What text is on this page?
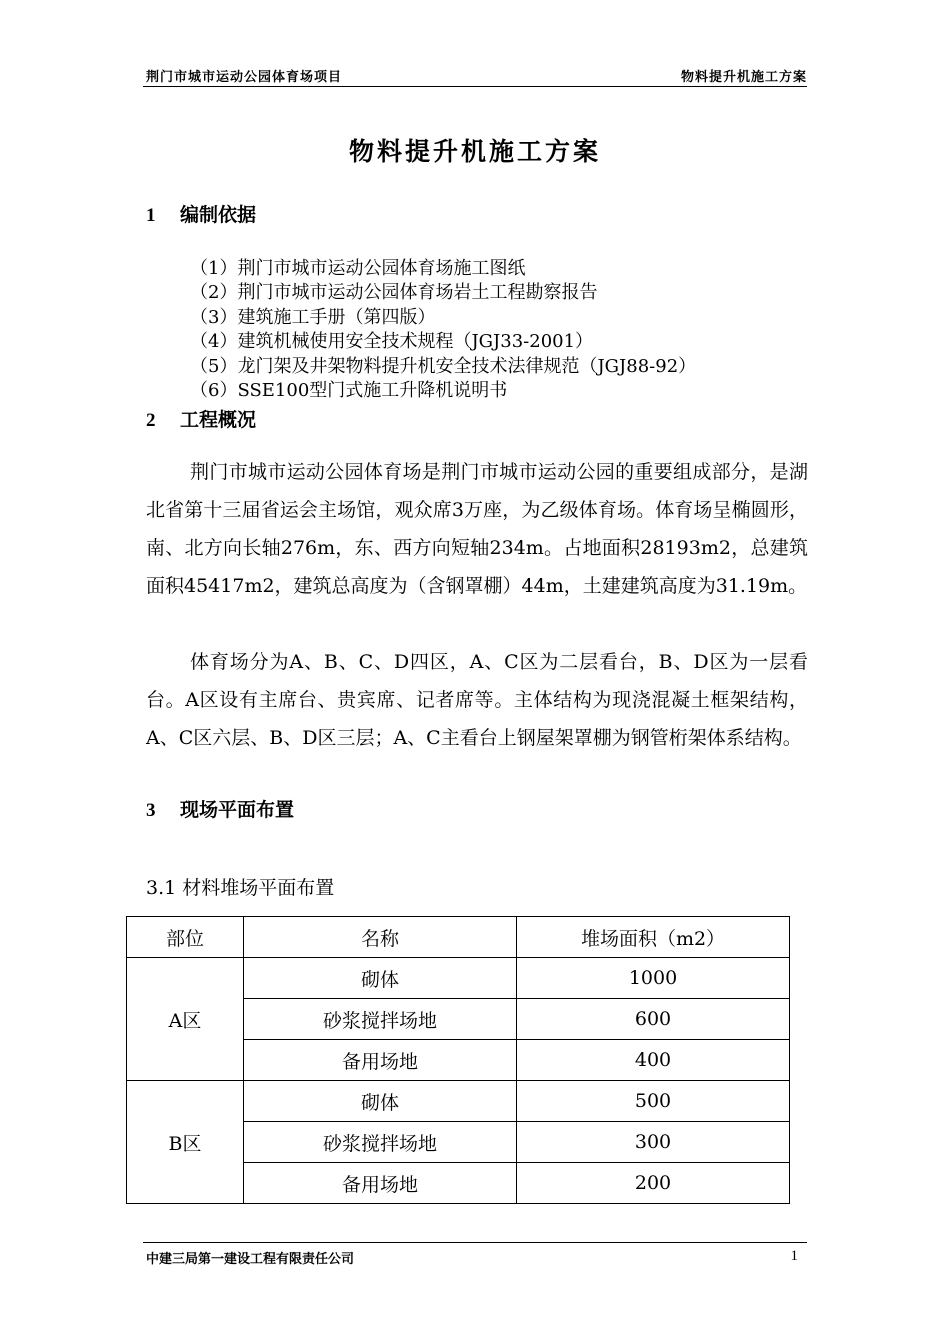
荆门市城市运动公园体育场项目	物料提升机施工方案
物料提升机施工方案
1 编制依据
（1）荆门市城市运动公园体育场施工图纸
（2）荆门市城市运动公园体育场岩土工程勘察报告
（3）建筑施工手册（第四版）
（4）建筑机械使用安全技术规程（JGJ33-2001）
（5）龙门架及井架物料提升机安全技术法律规范（JGJ88-92）
（6）SSE100型门式施工升降机说明书
2 工程概况

荆门市城市运动公园体育场是荆门市城市运动公园的重要组成部分，是湖北省第十三届省运会主场馆，观众席3万座，为乙级体育场。体育场呈椭圆形，南、北方向长轴276m，东、西方向短轴234m。占地面积28193m2，总建筑面积45417m2，建筑总高度为（含钢罩棚）44m，土建建筑高度为31.19m。

体育场分为A、B、C、D四区，A、C区为二层看台，B、D区为一层看台。A区设有主席台、贵宾席、记者席等。主体结构为现浇混凝土框架结构，A、C区六层、B、D区三层；A、C主看台上钢屋架罩棚为钢管桁架体系结构。

3 现场平面布置
3.1 材料堆场平面布置
部位	名称	堆场面积（m2）
A区	砌体	1000
	砂浆搅拌场地	600
	备用场地	400
B区	砌体	500
	砂浆搅拌场地	300
	备用场地	200
中建三局第一建设工程有限责任公司	1
